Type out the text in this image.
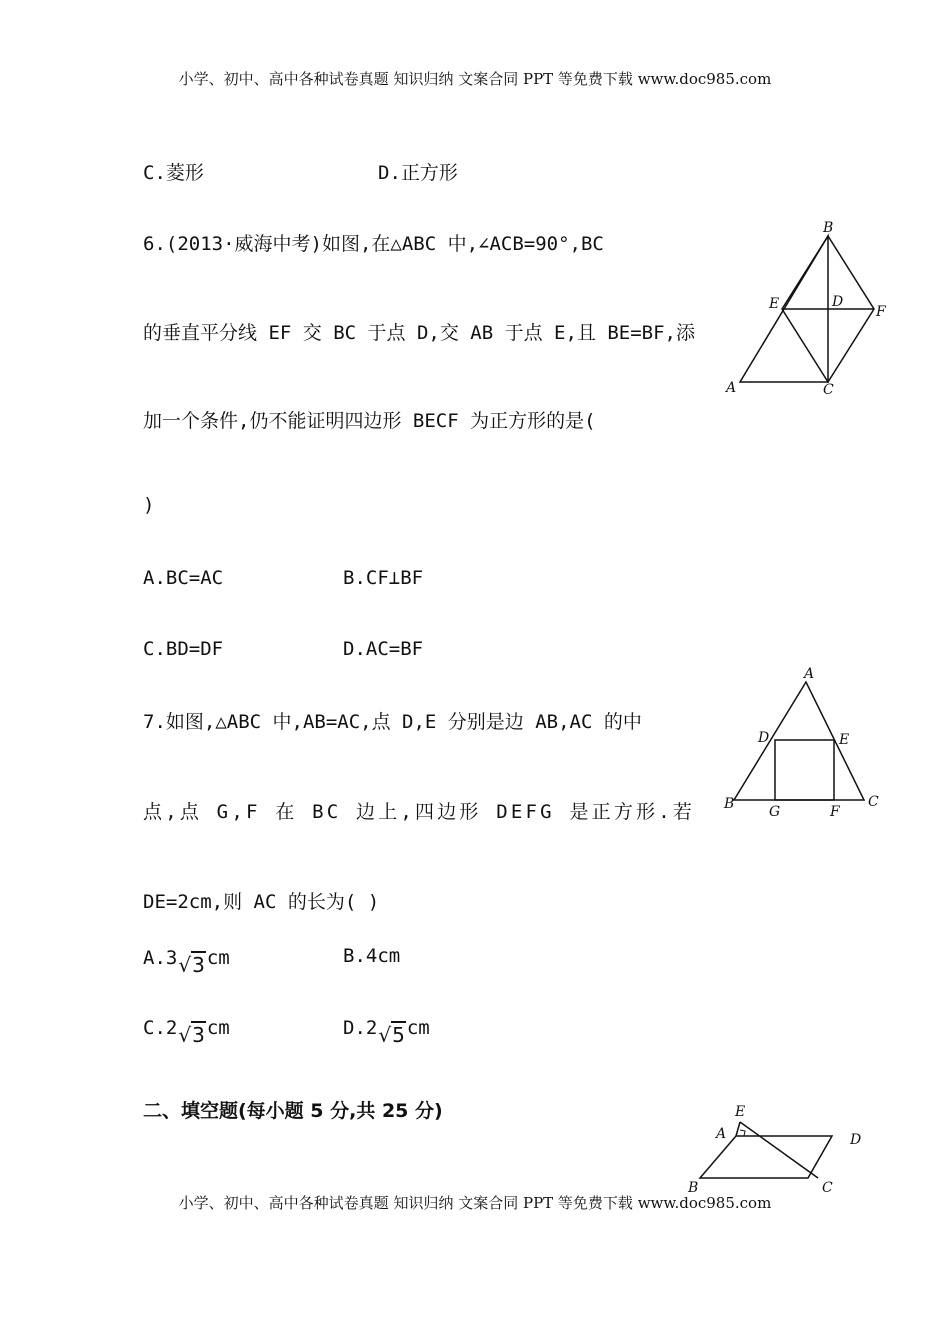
小学、初中、高中各种试卷真题 知识归纳 文案合同 PPT 等免费下载 www.doc985.com
C.菱形	D.正方形
6.(2013·威海中考)如图,在△ABC 中,∠ACB=90°,BC
的垂直平分线 EF 交 BC 于点 D,交 AB 于点 E,且 BE=BF,添
加一个条件,仍不能证明四边形 BECF 为正方形的是(
)
A.BC=AC	B.CF⊥BF
C.BD=DF	D.AC=BF
B
E	D
F
A	C
7.如图,△ABC 中,AB=AC,点 D,E 分别是边 AB,AC 的中
点,点 G,F 在 BC 边上,四边形 DEFG 是正方形.若
DE=2cm,则 AC 的长为( )
A.3√3 cm	B.4cm
C.2√3 cm	D.2√5 cm
A
D	E
B G	F
C
二、填空题(每小题 5 分,共 25 分)	E
A	D
B	C
小学、初中、高中各种试卷真题 知识归纳 文案合同 PPT 等免费下载 www.doc985.com
